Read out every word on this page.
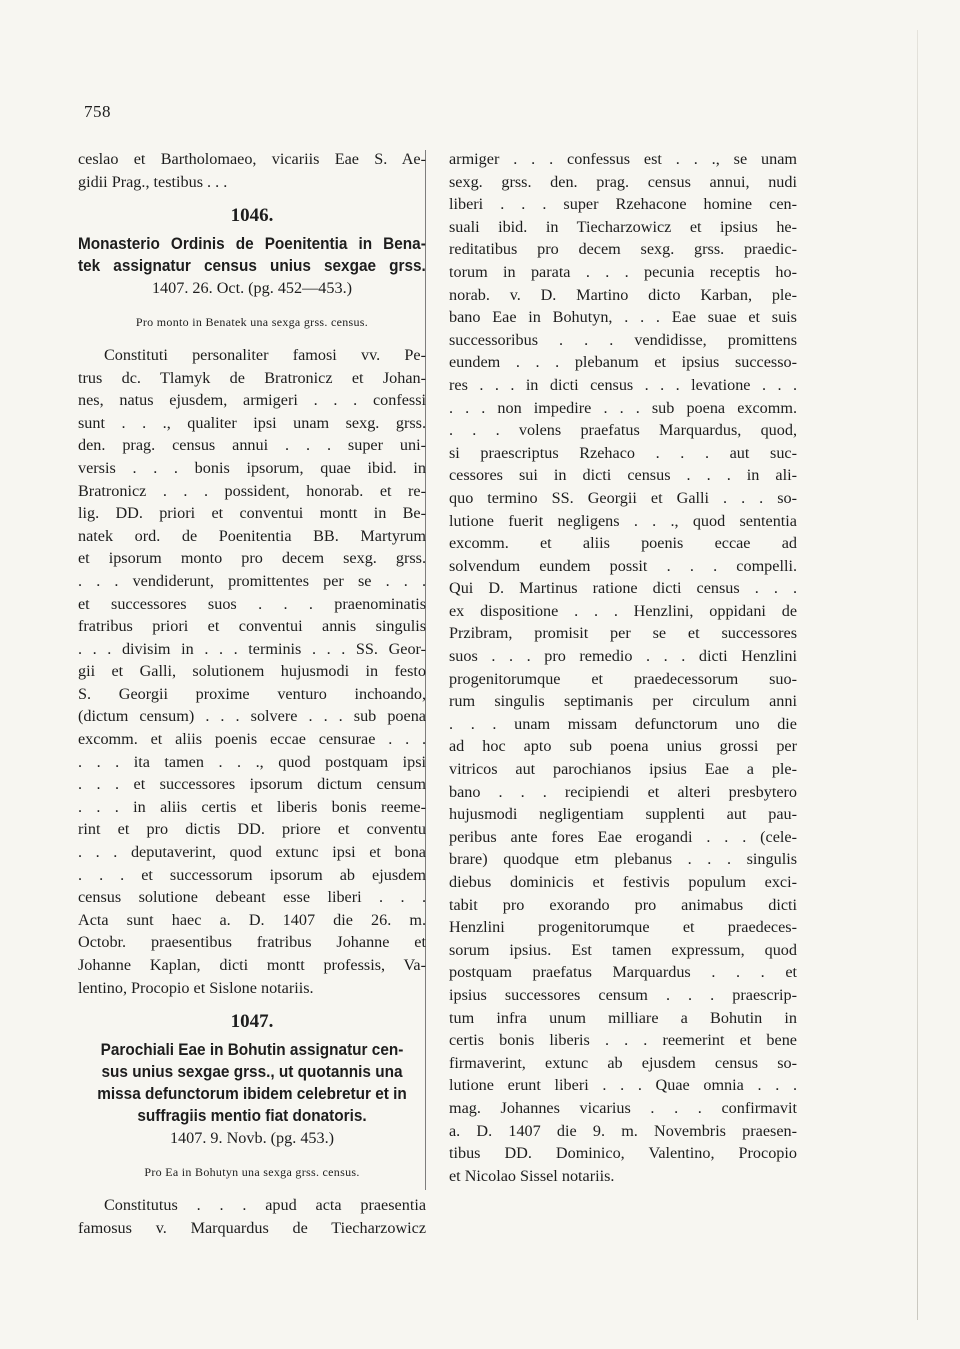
758
ceslao et Bartholomaeo, vicariis Eae S. Ae-
gidii Prag., testibus . . .
1046.
Monasterio Ordinis de Poenitentia in Bena-
tek assignatur census unius sexgae grss.
1407. 26. Oct. (pg. 452—453.)
Pro monto in Benatek una sexga grss. census.
Constituti personaliter famosi vv. Pe-
trus dc. Tlamyk de Bratronicz et Johan-
nes, natus ejusdem, armigeri . . . confessi
sunt . . ., qualiter ipsi unam sexg. grss.
den. prag. census annui . . . super uni-
versis . . . bonis ipsorum, quae ibid. in
Bratronicz . . . possident, honorab. et re-
lig. DD. priori et conventui montt in Be-
natek ord. de Poenitentia BB. Martyrum
et ipsorum monto pro decem sexg. grss.
. . . vendiderunt, promittentes per se . . .
et successores suos . . . praenominatis
fratribus priori et conventui annis singulis
. . . divisim in . . . terminis . . . SS. Geor-
gii et Galli, solutionem hujusmodi in festo
S. Georgii proxime venturo inchoando,
(dictum censum) . . . solvere . . . sub poena
excomm. et aliis poenis eccae censurae . . .
. . . ita tamen . . ., quod postquam ipsi
. . . et successores ipsorum dictum censum
. . . in aliis certis et liberis bonis reeme-
rint et pro dictis DD. priore et conventu
. . . deputaverint, quod extunc ipsi et bona
. . . et successorum ipsorum ab ejusdem
census solutione debeant esse liberi . . .
Acta sunt haec a. D. 1407 die 26. m.
Octobr. praesentibus fratribus Johanne et
Johanne Kaplan, dicti montt professis, Va-
lentino, Procopio et Sislone notariis.
1047.
Parochiali Eae in Bohutin assignatur cen-
sus unius sexgae grss., ut quotannis una
missa defunctorum ibidem celebretur et in
suffragiis mentio fiat donatoris.
1407. 9. Novb. (pg. 453.)
Pro Ea in Bohutyn una sexga grss. census.
Constitutus . . . apud acta praesentia
famosus v. Marquardus de Tiecharzowicz
armiger . . . confessus est . . ., se unam
sexg. grss. den. prag. census annui, nudi
liberi . . . super Rzehacone homine cen-
suali ibid. in Tiecharzowicz et ipsius he-
reditatibus pro decem sexg. grss. praedic-
torum in parata . . . pecunia receptis ho-
norab. v. D. Martino dicto Karban, ple-
bano Eae in Bohutyn, . . . Eae suae et suis
successoribus . . . vendidisse, promittens
eundem . . . plebanum et ipsius successo-
res . . . in dicti census . . . levatione . . .
. . . non impedire . . . sub poena excomm.
. . . volens praefatus Marquardus, quod,
si praescriptus Rzehaco . . . aut suc-
cessores sui in dicti census . . . in ali-
quo termino SS. Georgii et Galli . . . so-
lutione fuerit negligens . . ., quod sententia
excomm. et aliis poenis eccae ad
solvendum eundem possit . . . compelli.
Qui D. Martinus ratione dicti census . . .
ex dispositione . . . Henzlini, oppidani de
Przibram, promisit per se et successores
suos . . . pro remedio . . . dicti Henzlini
progenitorumque et praedecessorum suo-
rum singulis septimanis per circulum anni
. . . unam missam defunctorum uno die
ad hoc apto sub poena unius grossi per
vitricos aut parochianos ipsius Eae a ple-
bano . . . recipiendi et alteri presbytero
hujusmodi negligentiam supplenti aut pau-
peribus ante fores Eae erogandi . . . (cele-
brare) quodque etm plebanus . . . singulis
diebus dominicis et festivis populum exci-
tabit pro exorando pro animabus dicti
Henzlini progenitorumque et praedeces-
sorum ipsius. Est tamen expressum, quod
postquam praefatus Marquardus . . . et
ipsius successores censum . . . praescrip-
tum infra unum milliare a Bohutin in
certis bonis liberis . . . reemerint et bene
firmaverint, extunc ab ejusdem census so-
lutione erunt liberi . . . Quae omnia . . .
mag. Johannes vicarius . . . confirmavit
a. D. 1407 die 9. m. Novembris praesen-
tibus DD. Dominico, Valentino, Procopio
et Nicolao Sissel notariis.
